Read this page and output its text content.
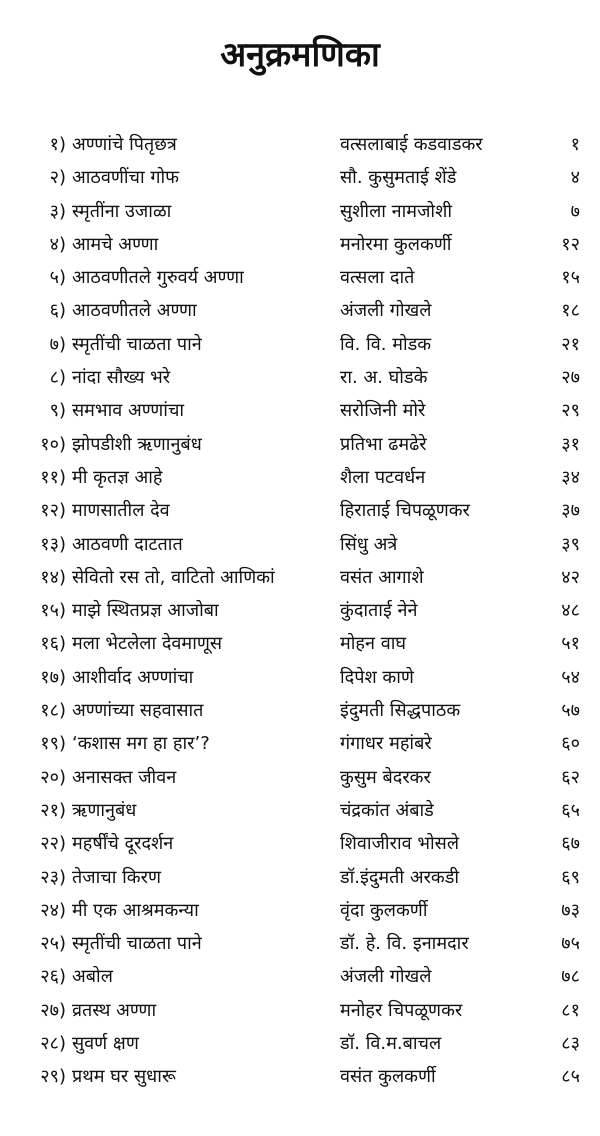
अनुक्रमणिका
१) अण्णांचे पितृछत्र	वत्सलाबाई कडवाडकर	१
२) आठवणींचा गोफ	सौ. कुसुमताई शेंडे	४
३) स्मृतींना उजाळा	सुशीला नामजोशी	७
४) आमचे अण्णा	मनोरमा कुलकर्णी	१२
५) आठवणीतले गुरुवर्य अण्णा	वत्सला दाते	१५
६) आठवणीतले अण्णा	अंजली गोखले	१८
७) स्मृतींची चाळता पाने	वि. वि. मोडक	२१
८) नांदा सौख्य भरे	रा. अ. घोडके	२७
९) समभाव अण्णांचा	सरोजिनी मोरे	२९
१०) झोपडीशी ऋणानुबंध	प्रतिभा ढमढेरे	३१
११) मी कृतज्ञ आहे	शैला पटवर्धन	३४
१२) माणसातील देव	हिराताई चिपळूणकर	३७
१३) आठवणी दाटतात	सिंधु अत्रे	३९
१४) सेवितो रस तो, वाटितो आणिकां	वसंत आगाशे	४२
१५) माझे स्थितप्रज्ञ आजोबा	कुंदाताई नेने	४८
१६) मला भेटलेला देवमाणूस	मोहन वाघ	५१
१७) आशीर्वाद अण्णांचा	दिपेश काणे	५४
१८) अण्णांच्या सहवासात	इंदुमती सिद्धपाठक	५७
१९) ‘कशास मग हा हार’?	गंगाधर महांबरे	६०
२०) अनासक्त जीवन	कुसुम बेदरकर	६२
२१) ऋणानुबंध	चंद्रकांत अंबाडे	६५
२२) महर्षींचे दूरदर्शन	शिवाजीराव भोसले	६७
२३) तेजाचा किरण	डॉ.इंदुमती अरकडी	६९
२४) मी एक आश्रमकन्या	वृंदा कुलकर्णी	७३
२५) स्मृतींची चाळता पाने	डॉ. हे. वि. इनामदार	७५
२६) अबोल	अंजली गोखले	७८
२७) व्रतस्थ अण्णा	मनोहर चिपळूणकर	८१
२८) सुवर्ण क्षण	डॉ. वि.म.बाचल	८३
२९) प्रथम घर सुधारू	वसंत कुलकर्णी	८५
